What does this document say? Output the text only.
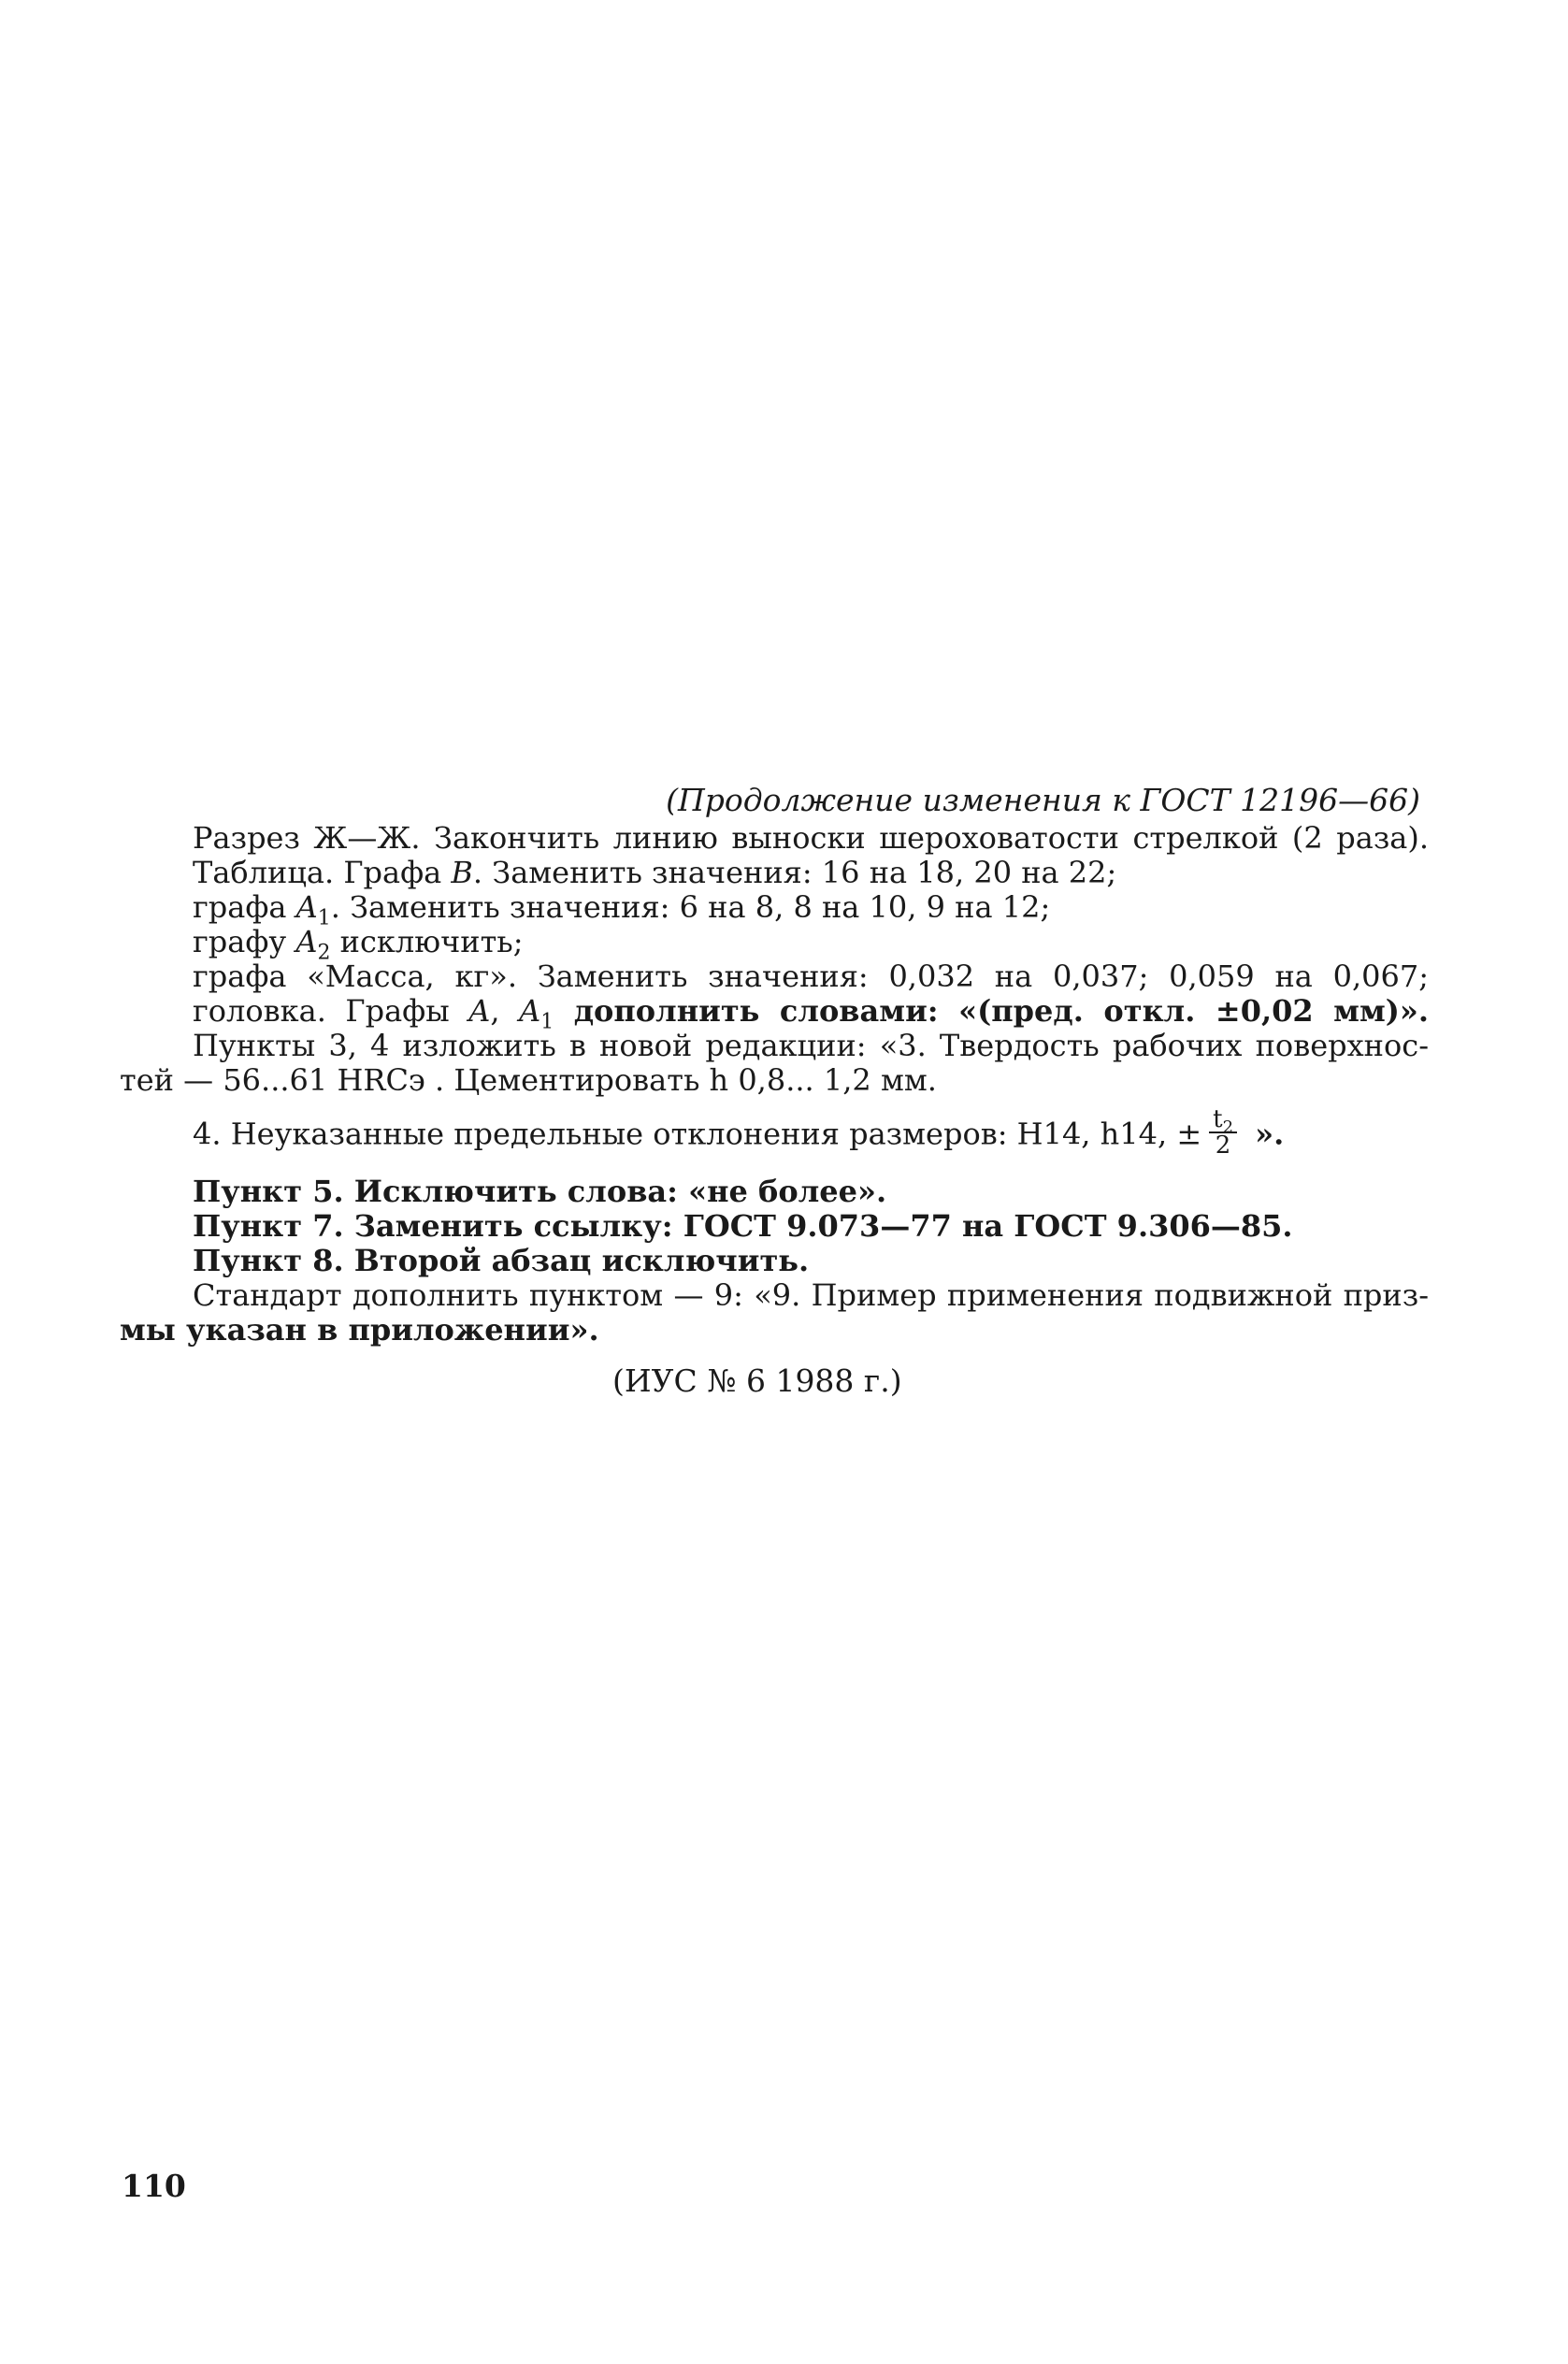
(Продолжение изменения к ГОСТ 12196—66)
Разрез Ж—Ж. Закончить линию выноски шероховатости стрелкой (2 раза).
Таблица. Графа B. Заменить значения: 16 на 18, 20 на 22;
графа $A_1$. Заменить значения: 6 на 8, 8 на 10, 9 на 12;
графу $A_2$ исключить;
графа «Масса, кг». Заменить значения: 0,032 на 0,037; 0,059 на 0,067;
головка. Графы A, $A_1$ дополнить словами: «(пред. откл. ±0,02 мм)».
Пункты 3, 4 изложить в новой редакции: «3. Твердость рабочих поверхнос-
тей — 56...61 HRCэ . Цементировать h 0,8... 1,2 мм.
4. Неуказанные предельные отклонения размеров: H14, h14, ± $\frac{t_2}{2}$ ».
Пункт 5. Исключить слова: «не более».
Пункт 7. Заменить ссылку: ГОСТ 9.073—77 на ГОСТ 9.306—85.
Пункт 8. Второй абзац исключить.
Стандарт дополнить пунктом — 9: «9. Пример применения подвижной приз-
мы указан в приложении».
(ИУС № 6 1988 г.)
110
